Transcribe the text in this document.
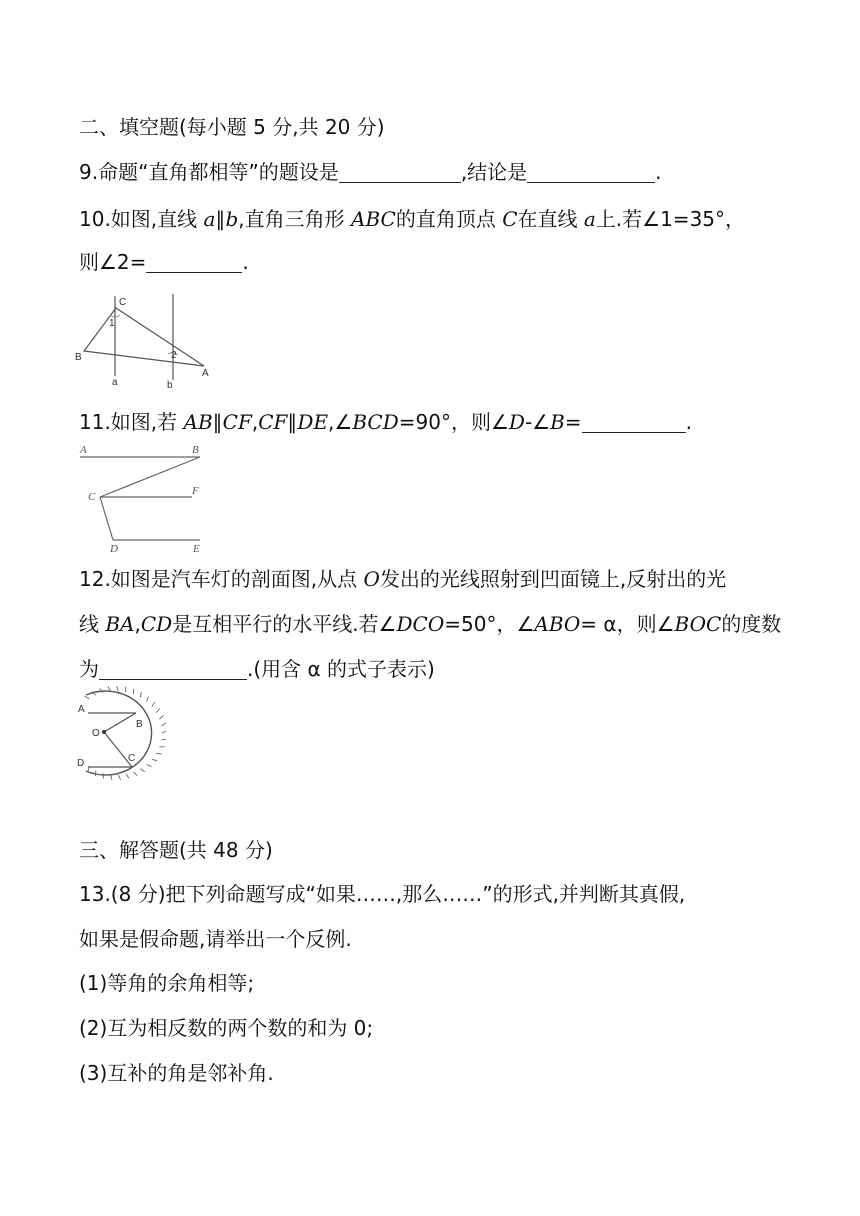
二、填空题(每小题 5 分,共 20 分)
9.命题“直角都相等”的题设是	,结论是	.
10.如图,直线 a∥b,直角三角形 ABC的直角顶点 C在直线 a上.若∠1=35°，
则∠2=	.
C
1
B	2
A
a	b
11.如图,若 AB∥CF,CF∥DE,∠BCD=90°，则∠D-∠B=	.
A	B
C	F
D	E
12.如图是汽车灯的剖面图,从点 O发出的光线照射到凹面镜上,反射出的光
线 BA,CD是互相平行的水平线.若∠DCO=50°，∠ABO= α，则∠BOC的度数
为	.(用含 α 的式子表示)
A
B
O
C
D
三、解答题(共 48 分)
13.(8 分)把下列命题写成“如果……,那么……”的形式,并判断其真假,
如果是假命题,请举出一个反例.
(1)等角的余角相等;
(2)互为相反数的两个数的和为 0;
(3)互补的角是邻补角.
